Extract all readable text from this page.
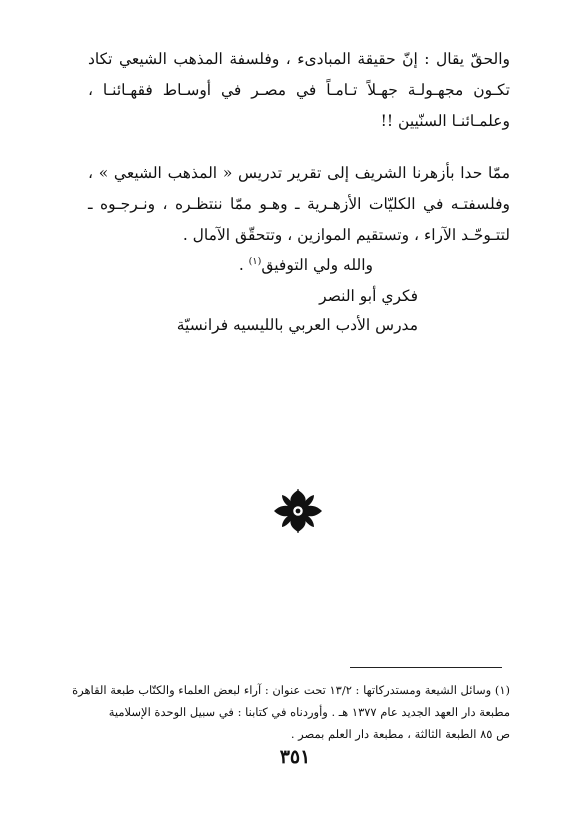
والحقّ يقال : إنّ حقيقة المبادىء ، وفلسفة المذهب الشيعي تكاد تكـون مجهـولـة جهـلاً تـامـاً في مصـر في أوسـاط فقهـائنـا ، وعلمـائنـا السنّيين !!

ممّا حدا بأزهرنا الشريف إلى تقرير تدريس « المذهب الشيعي » ، وفلسفتـه في الكليّات الأزهـرية ـ وهـو ممّا ننتظـره ، ونـرجـوه ـ لتتـوحّـد الآراء ، وتستقيم الموازين ، وتتحقّق الآمال .

والله ولي التوفيق$^{(١)}$ .
فكري أبو النصر
مدرس الأدب العربي بالليسيه فرانسيّة
(١) وسائل الشيعة ومستدركاتها : ١٣/٢ تحت عنوان : آراء لبعض العلماء والكتّاب طبعة القاهرة
مطبعة دار العهد الجديد عام ١٣٧٧ هـ . وأوردناه في كتابنا : في سبيل الوحدة الإسلامية
ص ٨٥ الطبعة الثالثة ، مطبعة دار العلم بمصر .
٣٥١
